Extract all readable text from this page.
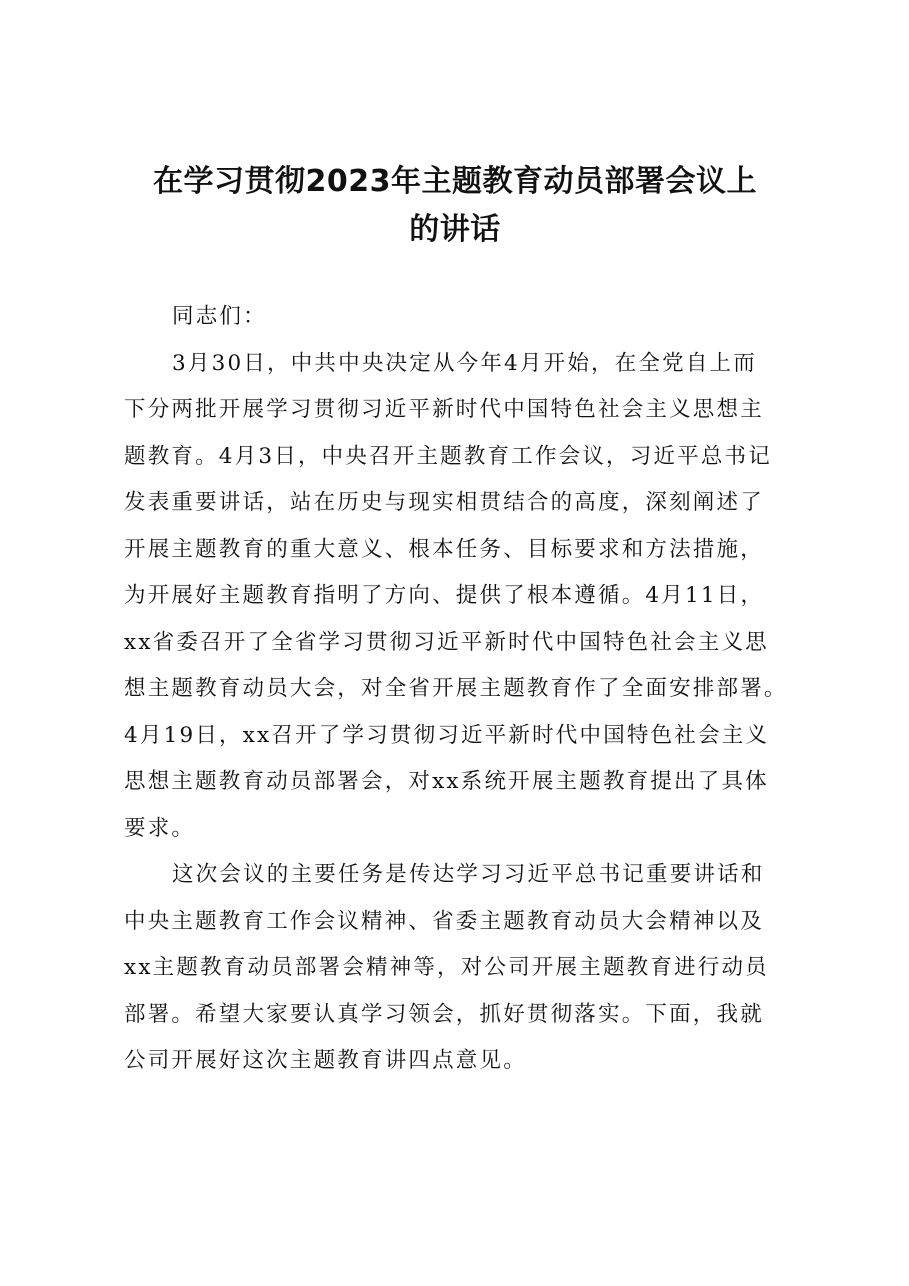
在学习贯彻2023年主题教育动员部署会议上
的讲话
同志们：
3月30日，中共中央决定从今年4月开始，在全党自上而
下分两批开展学习贯彻习近平新时代中国特色社会主义思想主
题教育。4月3日，中央召开主题教育工作会议，习近平总书记
发表重要讲话，站在历史与现实相贯结合的高度，深刻阐述了
开展主题教育的重大意义、根本任务、目标要求和方法措施，
为开展好主题教育指明了方向、提供了根本遵循。4月11日，
xx省委召开了全省学习贯彻习近平新时代中国特色社会主义思
想主题教育动员大会，对全省开展主题教育作了全面安排部署。
4月19日，xx召开了学习贯彻习近平新时代中国特色社会主义
思想主题教育动员部署会，对xx系统开展主题教育提出了具体
要求。
这次会议的主要任务是传达学习习近平总书记重要讲话和
中央主题教育工作会议精神、省委主题教育动员大会精神以及
xx主题教育动员部署会精神等，对公司开展主题教育进行动员
部署。希望大家要认真学习领会，抓好贯彻落实。下面，我就
公司开展好这次主题教育讲四点意见。
